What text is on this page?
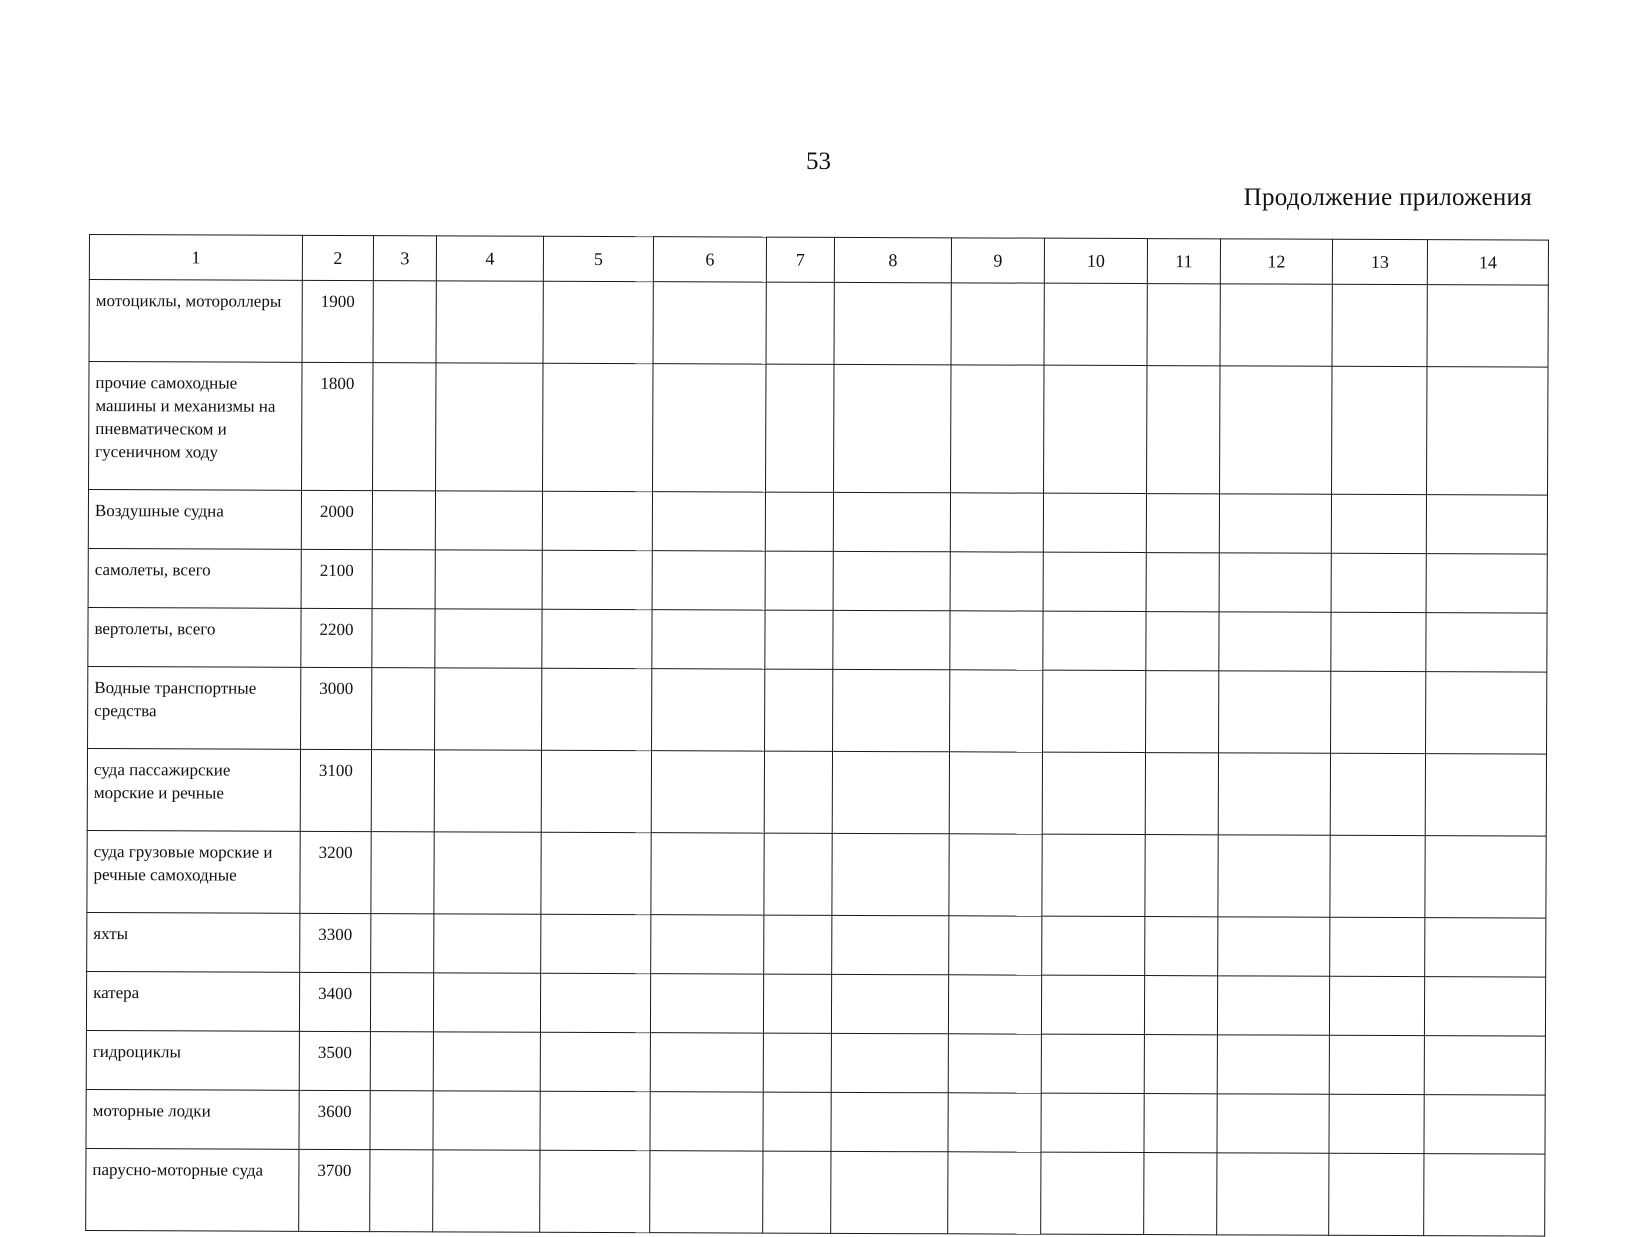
53
Продолжение приложения
1	2	3	4	5	6	7	8	9	10	11	12	13	14
мотоциклы, мотороллеры	1900												
прочие самоходные машины и механизмы на пневматическом и гусеничном ходу	1800												
Воздушные судна	2000												
самолеты, всего	2100												
вертолеты, всего	2200												
Водные транспортные средства	3000												
суда пассажирские морские и речные	3100												
суда грузовые морские и речные самоходные	3200												
яхты	3300												
катера	3400												
гидроциклы	3500												
моторные лодки	3600												
парусно-моторные суда	3700												
